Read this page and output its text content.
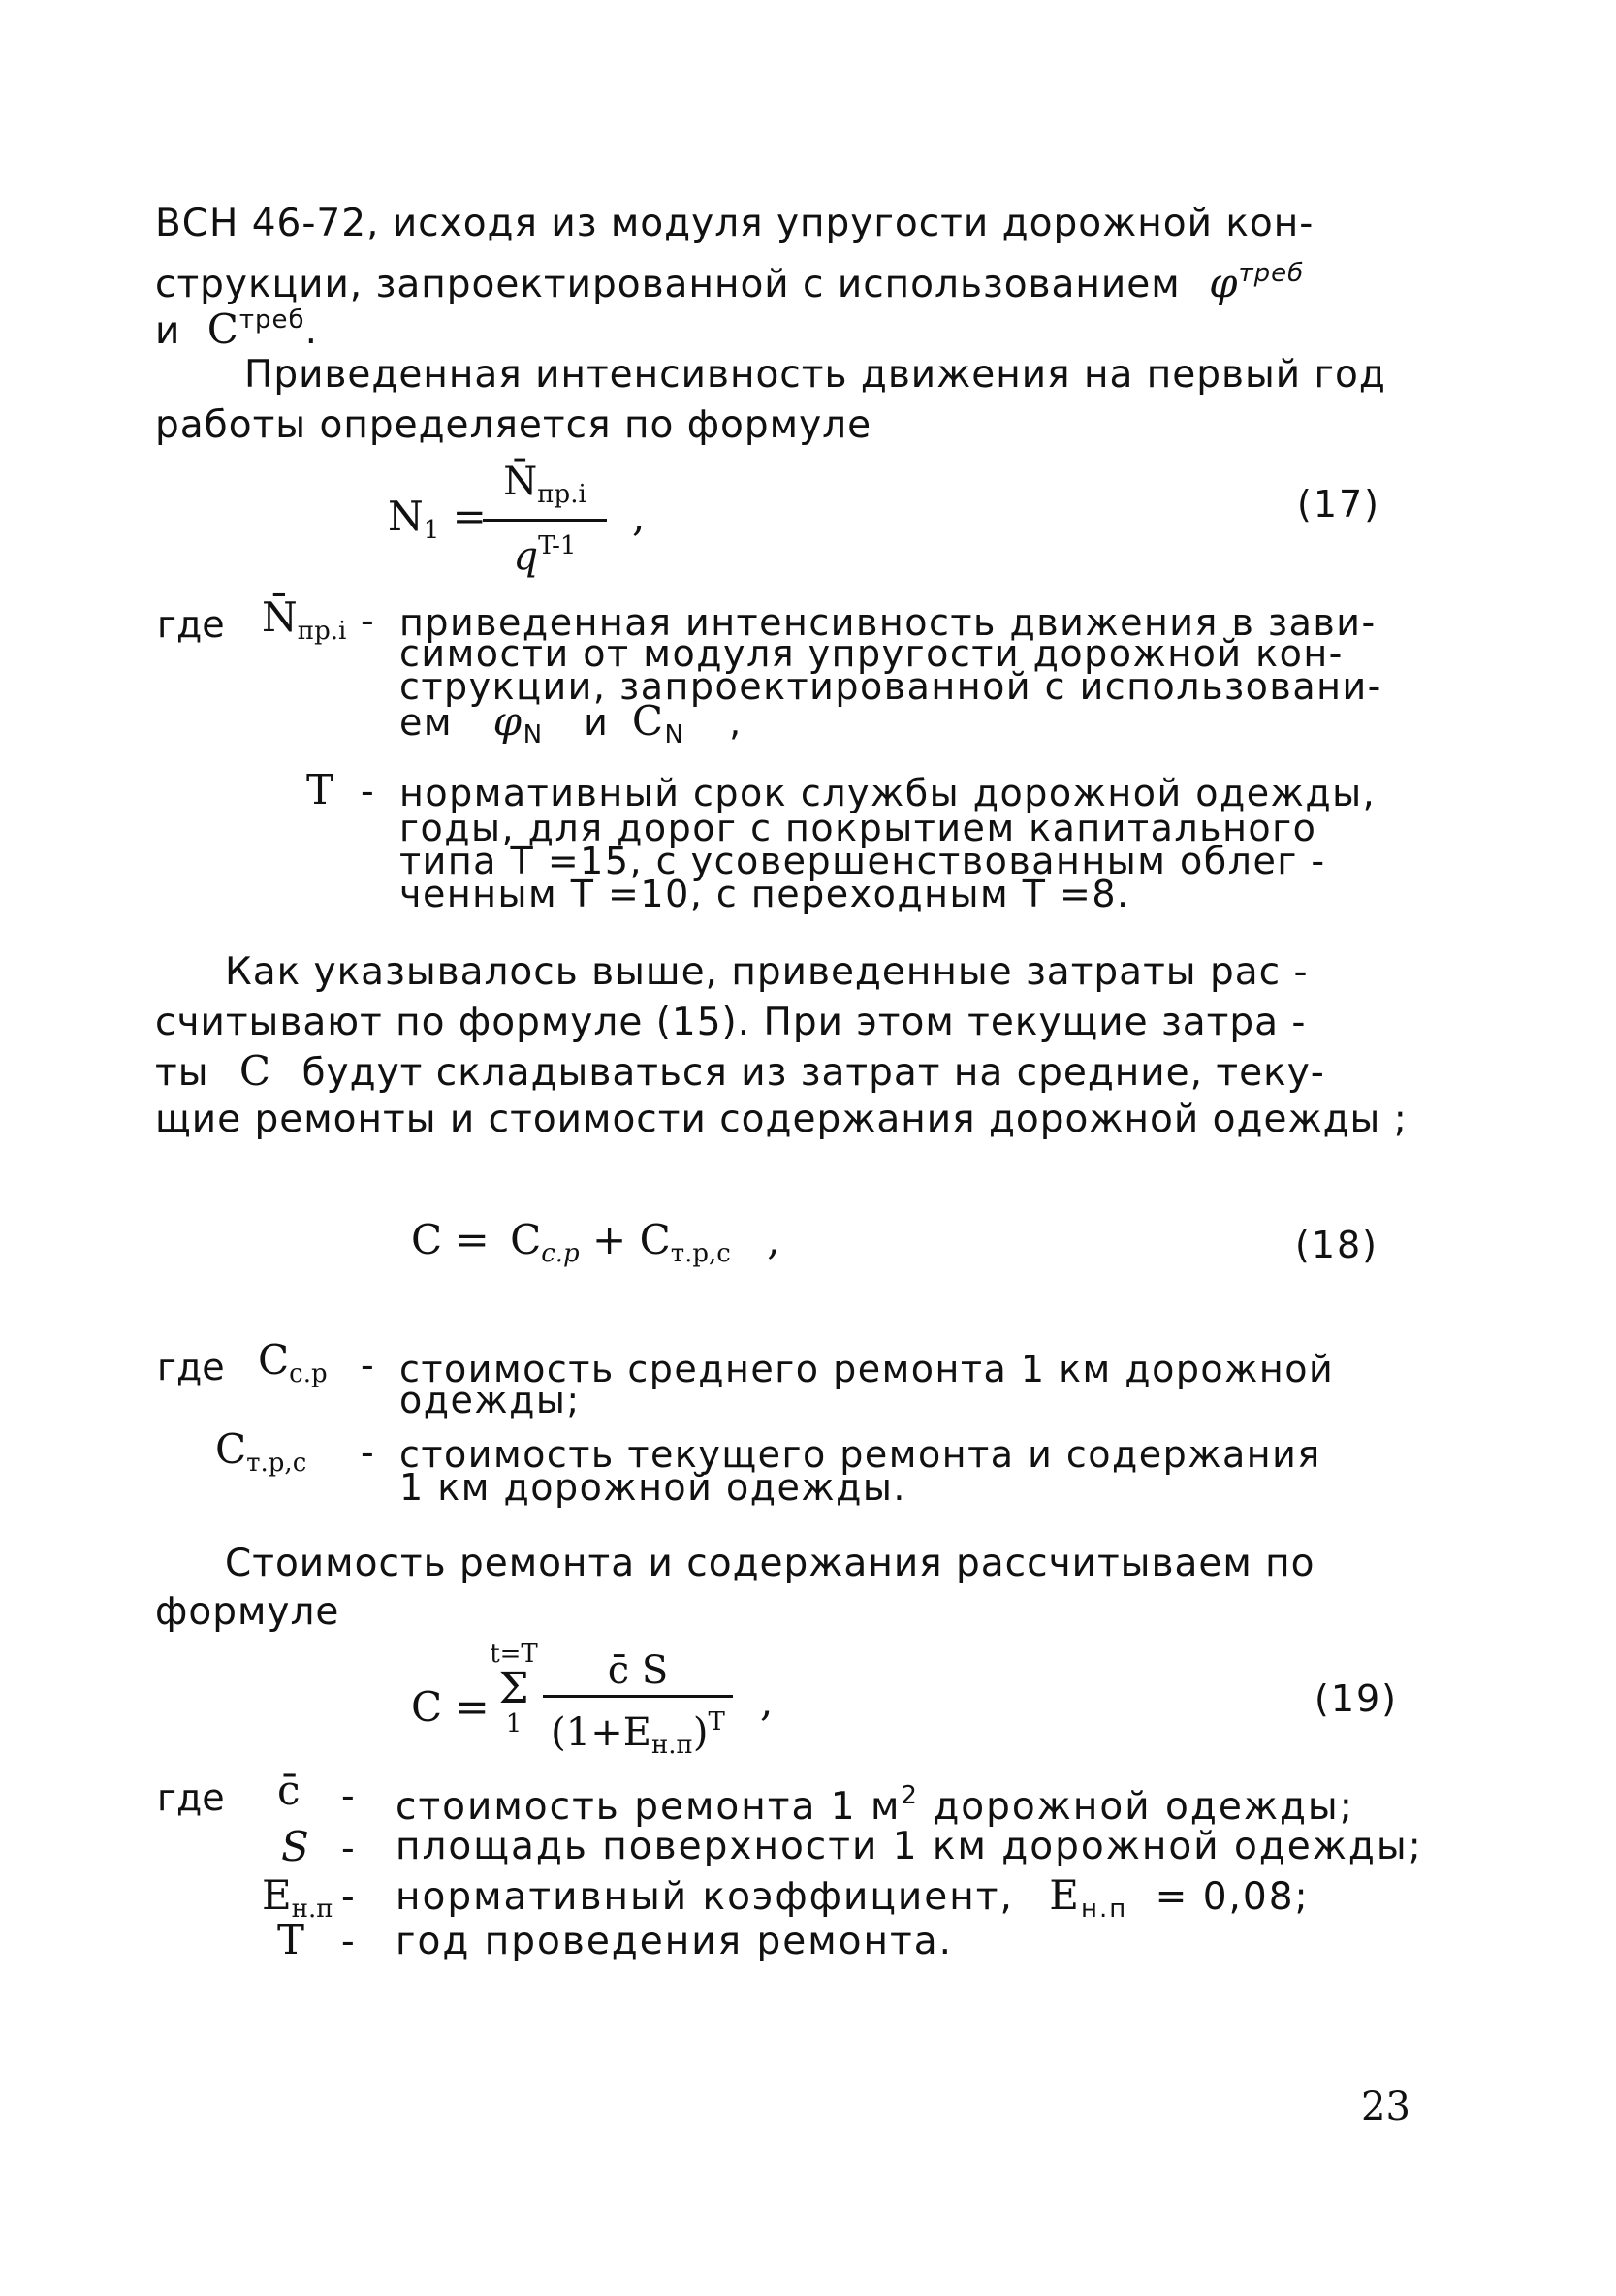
ВСН 46-72, исходя из модуля упругости дорожной кон-
струкции, запроектированной с использованием $\varphi^{треб}$
и $C^{треб}$.
Приведенная интенсивность движения на первый год
работы определяется по формуле
$N_1$ =
$N̄_{пр.i}$
$q^{T-1}$
,	(17)
где $N̄_{пр.i}$ - приведенная интенсивность движения в зави-
симости от модуля упругости дорожной кон-
струкции, запроектированной с использовани-
ем $\varphi_N$ и $C_N$ ,
T - нормативный срок службы дорожной одежды,
годы, для дорог с покрытием капитального
типа T =15, с усовершенствованным облег -
ченным T =10, с переходным T =8.
Как указывалось выше, приведенные затраты рас -
считывают по формуле (15). При этом текущие затра -
ты C будут складываться из затрат на средние, теку-
щие ремонты и стоимости содержания дорожной одежды ;
$C = C_{с.р} + C_{т.р,с}$ ,	(18)
где $C_{с.р}$ - стоимость среднего ремонта 1 км дорожной
одежды;
$C_{т.р,с}$ - стоимость текущего ремонта и содержания
1 км дорожной одежды.
Стоимость ремонта и содержания рассчитываем по
формуле
C =
t=T
Σ
1
c̄ S
$(1+E_{н.п})^T$ ,	(19)
где c̄ - стоимость ремонта 1 $м^2$ дорожной одежды;
S - площадь поверхности 1 км дорожной одежды;
$E_{н.п}$ - нормативный коэффициент, $E_{н.п} = 0,08$;
T - год проведения ремонта.
23
